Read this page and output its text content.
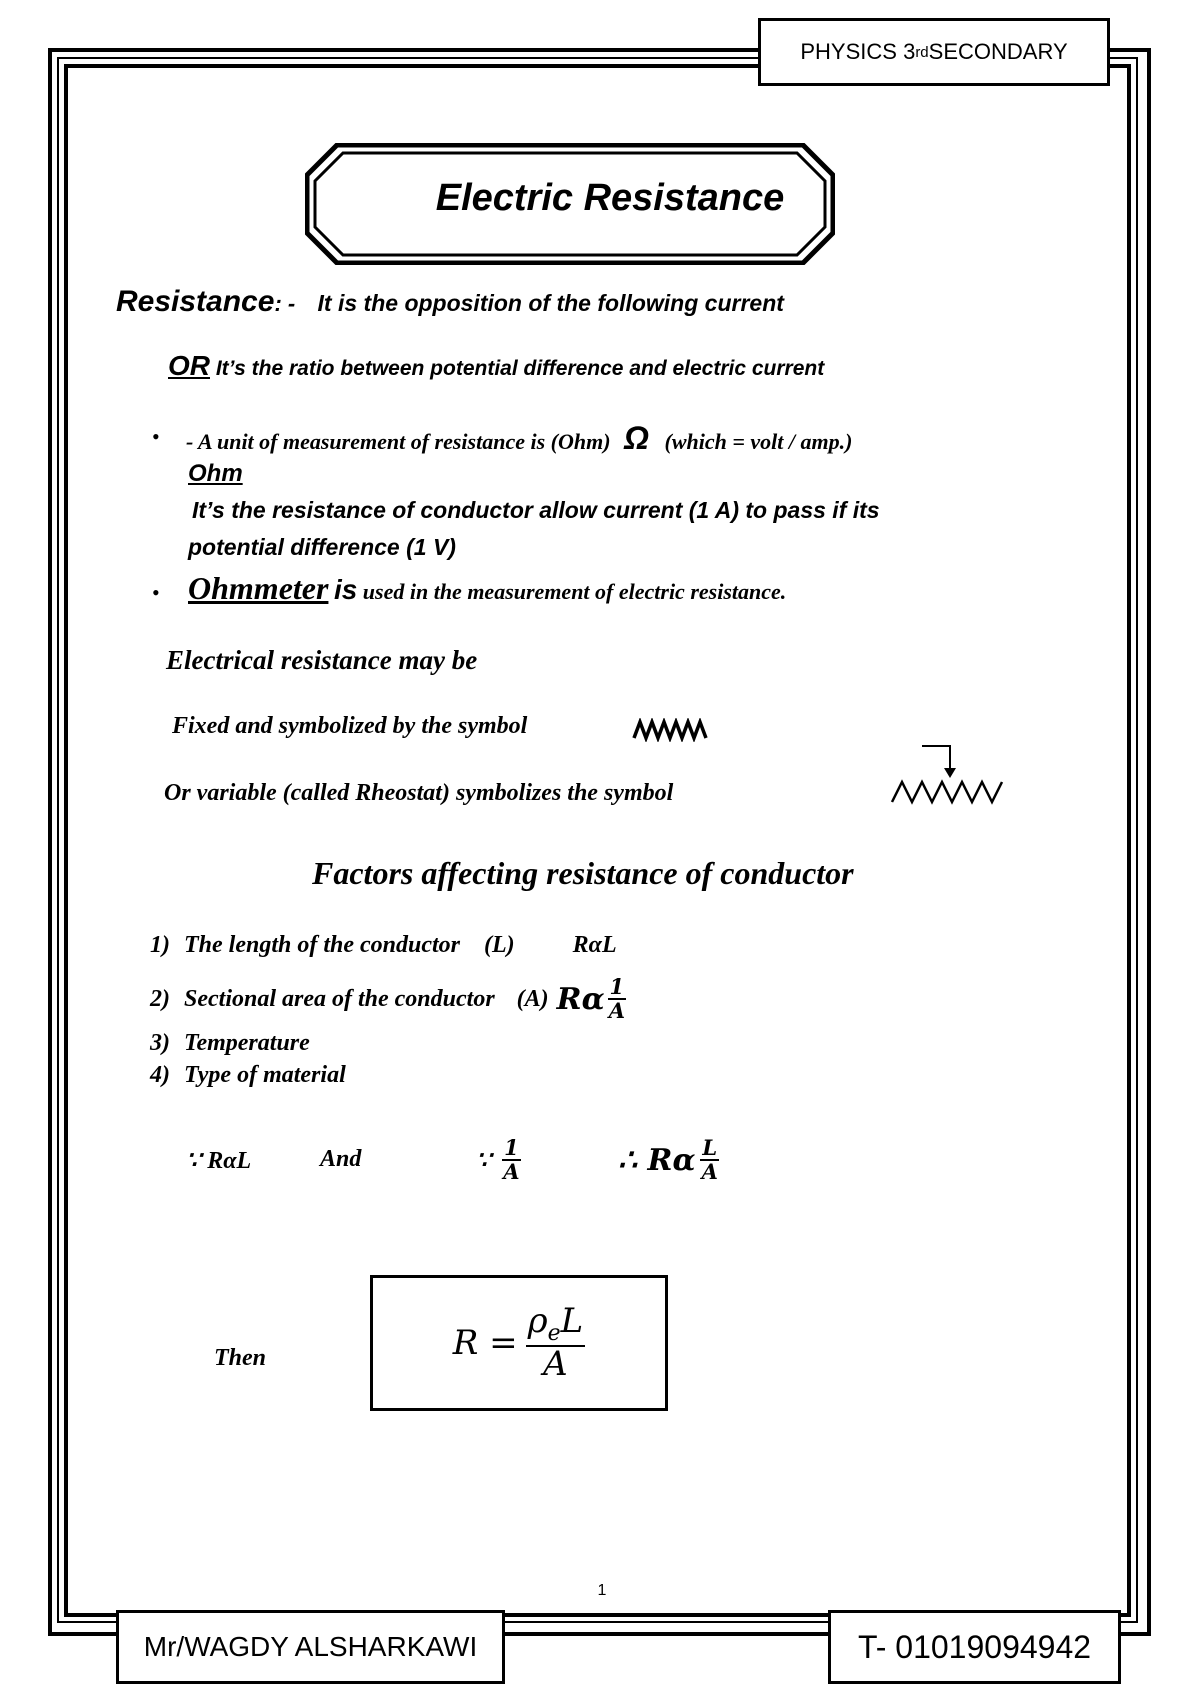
PHYSICS 3 rd SECONDARY
Electric Resistance
Resistance: - It is the opposition of the following current
OR It’s the ratio between potential difference and electric current
• - A unit of measurement of resistance is (Ohm) Ω (which = volt / amp.)
Ohm
It’s the resistance of conductor allow current (1 A) to pass if its
potential difference (1 V)
• Ohmmeter is used in the measurement of electric resistance.
Electrical resistance may be
Fixed and symbolized by the symbol
Or variable (called Rheostat) symbolizes the symbol
Factors affecting resistance of conductor
1) The length of the conductor (L) RαL
2) Sectional area of the conductor (A) Rα $\frac{1}{A}$
3) Temperature
4) Type of material
∵ RαL	And	∵ $\frac{1}{A}$	∴ Rα $\frac{L}{A}$
Then	$R = \frac{\rho_eL}{A}$
1
Mr/WAGDY ALSHARKAWI	T- 01019094942
